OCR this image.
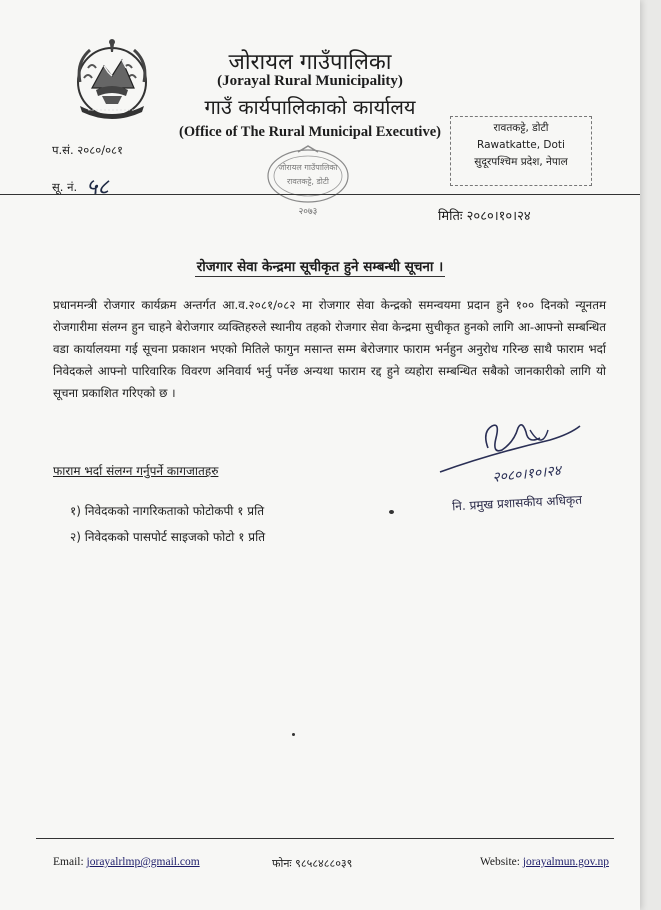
जोरायल गाउँपालिका
(Jorayal Rural Municipality)
गाउँ कार्यपालिकाको कार्यालय
(Office of The Rural Municipal Executive)	रावतकट्टे, डोटी
Rawatkatte, Doti
सुदूरपश्चिम प्रदेश, नेपाल
प.सं. २०८०/०८१
सू. नं. ५८
जोरायल गाउँपालिका
रावतकट्टे, डोटी
२०७३	मितिः २०८०।१०।२४
रोजगार सेवा केन्द्रमा सूचीकृत हुने सम्बन्धी सूचना ।
प्रधानमन्त्री रोजगार कार्यक्रम अन्तर्गत आ.व.२०८१/०८२ मा रोजगार सेवा केन्द्रको समन्वयमा प्रदान हुने १०० दिनको न्यूनतम रोजगारीमा संलग्न हुन चाहने बेरोजगार व्यक्तिहरुले स्थानीय तहको रोजगार सेवा केन्द्रमा सुचीकृत हुनको लागि आ-आफ्नो सम्बन्धित वडा कार्यालयमा गई सूचना प्रकाशन भएको मितिले फागुन मसान्त सम्म बेरोजगार फाराम भर्नहुन अनुरोध गरिन्छ साथै फाराम भर्दा निवेदकले आफ्नो पारिवारिक विवरण अनिवार्य भर्नु पर्नेछ अन्यथा फाराम रद्द हुने व्यहोरा सम्बन्धित सबैको जानकारीको लागि यो सूचना प्रकाशित गरिएको छ ।
फाराम भर्दा संलग्न गर्नुपर्ने कागजातहरु
१) निवेदकको नागरिकताको फोटोकपी १ प्रति
२) निवेदकको पासपोर्ट साइजको फोटो १ प्रति
२०८०।१०।२४
नि. प्रमुख प्रशासकीय अधिकृत
Email: jorayalrlmp@gmail.com	फोनः ९८५८४८८०३९	Website: jorayalmun.gov.np
